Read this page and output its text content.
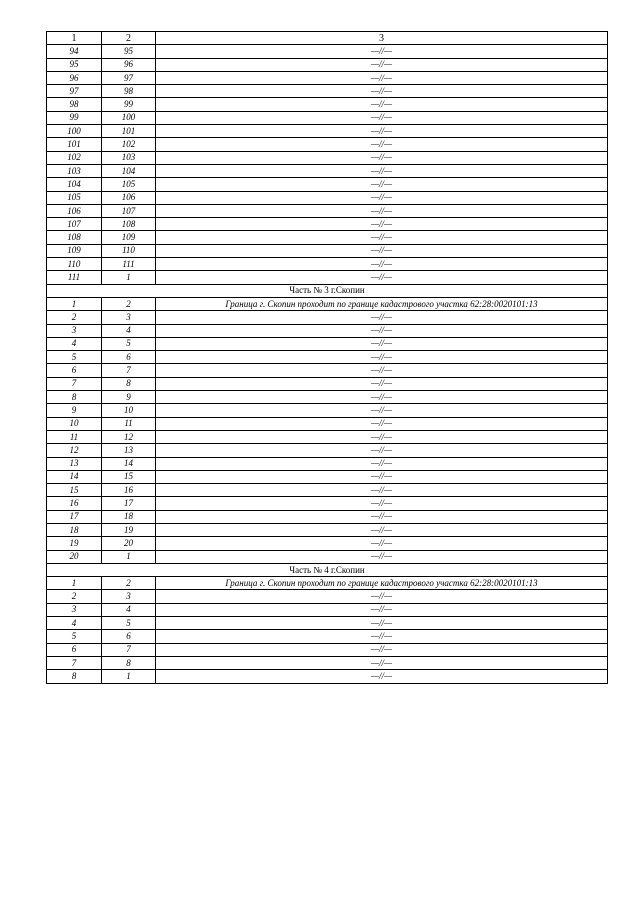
1	2	3
94	95	—//—
95	96	—//—
96	97	—//—
97	98	—//—
98	99	—//—
99	100	—//—
100	101	—//—
101	102	—//—
102	103	—//—
103	104	—//—
104	105	—//—
105	106	—//—
106	107	—//—
107	108	—//—
108	109	—//—
109	110	—//—
110	111	—//—
111	1	—//—
Часть № 3 г.Скопин		
1	2	Граница г. Скопин проходит по границе кадастрового участка 62:28:0020101:13
2	3	—//—
3	4	—//—
4	5	—//—
5	6	—//—
6	7	—//—
7	8	—//—
8	9	—//—
9	10	—//—
10	11	—//—
11	12	—//—
12	13	—//—
13	14	—//—
14	15	—//—
15	16	—//—
16	17	—//—
17	18	—//—
18	19	—//—
19	20	—//—
20	1	—//—
Часть № 4 г.Скопин		
1	2	Граница г. Скопин проходит по границе кадастрового участка 62:28:0020101:13
2	3	—//—
3	4	—//—
4	5	—//—
5	6	—//—
6	7	—//—
7	8	—//—
8	1	—//—
